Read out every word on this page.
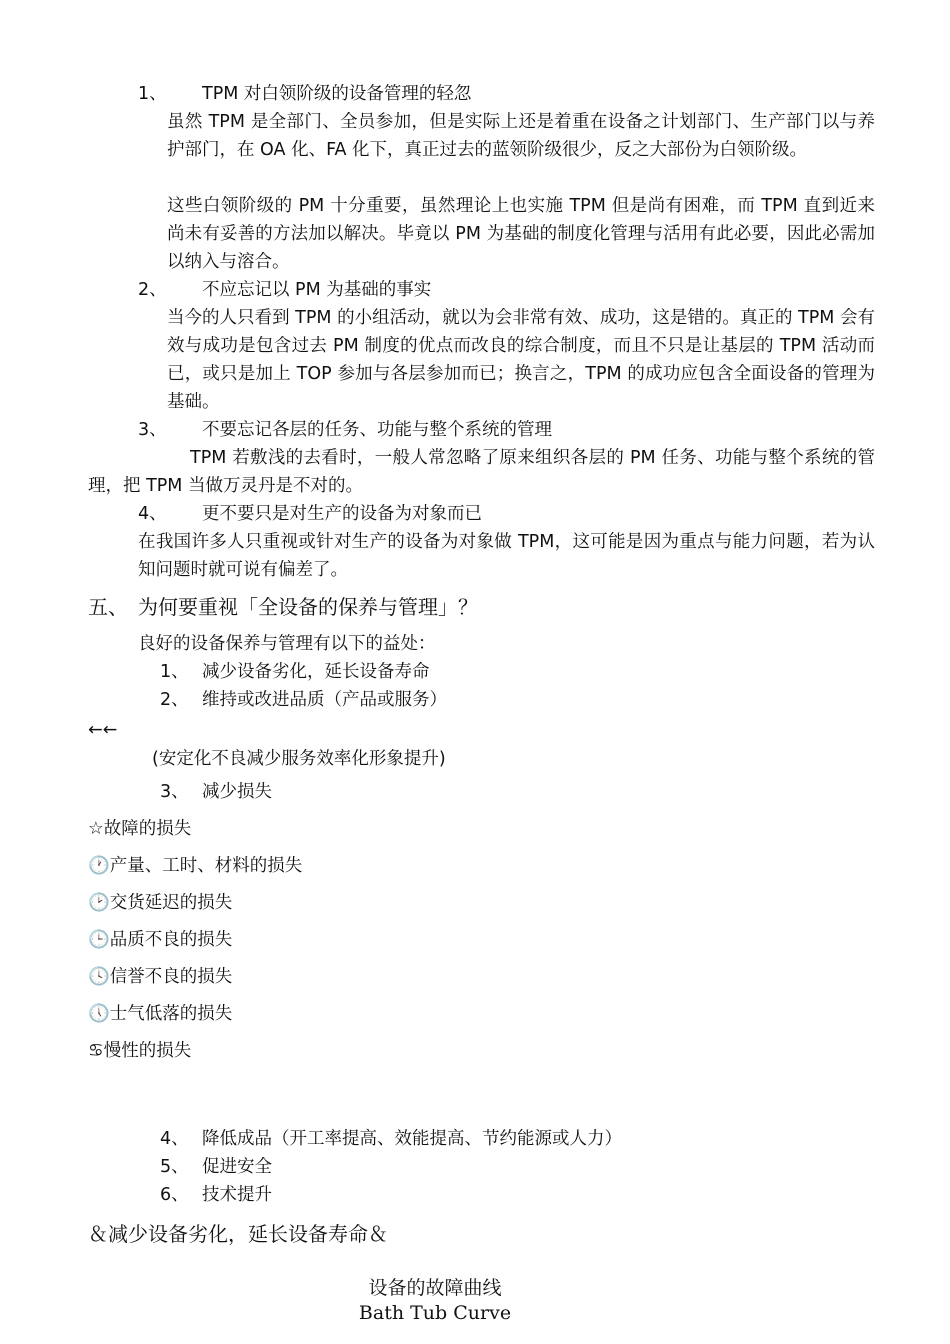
1、 TPM 对白领阶级的设备管理的轻忽
虽然 TPM 是全部门、全员参加，但是实际上还是着重在设备之计划部门、生产部门以与养护部门，在 OA 化、FA 化下，真正过去的蓝领阶级很少，反之大部份为白领阶级。
这些白领阶级的 PM 十分重要，虽然理论上也实施 TPM 但是尚有困难，而 TPM 直到近来尚未有妥善的方法加以解决。毕竟以 PM 为基础的制度化管理与活用有此必要，因此必需加以纳入与溶合。
2、 不应忘记以 PM 为基础的事实
当今的人只看到 TPM 的小组活动，就以为会非常有效、成功，这是错的。真正的 TPM 会有效与成功是包含过去 PM 制度的优点而改良的综合制度，而且不只是让基层的 TPM 活动而已，或只是加上 TOP 参加与各层参加而已；换言之，TPM 的成功应包含全面设备的管理为基础。
3、 不要忘记各层的任务、功能与整个系统的管理
TPM 若敷浅的去看时，一般人常忽略了原来组织各层的 PM 任务、功能与整个系统的管理，把 TPM 当做万灵丹是不对的。
4、 更不要只是对生产的设备为对象而已
在我国许多人只重视或针对生产的设备为对象做 TPM，这可能是因为重点与能力问题，若为认知问题时就可说有偏差了。
五、 为何要重视「全设备的保养与管理」？
良好的设备保养与管理有以下的益处：
1、 减少设备劣化，延长设备寿命
2、 维持或改进品质（产品或服务）
←←
(安定化不良减少服务效率化形象提升)
3、 减少损失
☆故障的损失
🕐产量、工时、材料的损失
🕑交货延迟的损失
🕒品质不良的损失
🕓信誉不良的损失
🕔士气低落的损失
♋慢性的损失
4、 降低成品（开工率提高、效能提高、节约能源或人力）
5、 促进安全
6、 技术提升
＆减少设备劣化，延长设备寿命＆
设备的故障曲线
Bath Tub Curve
